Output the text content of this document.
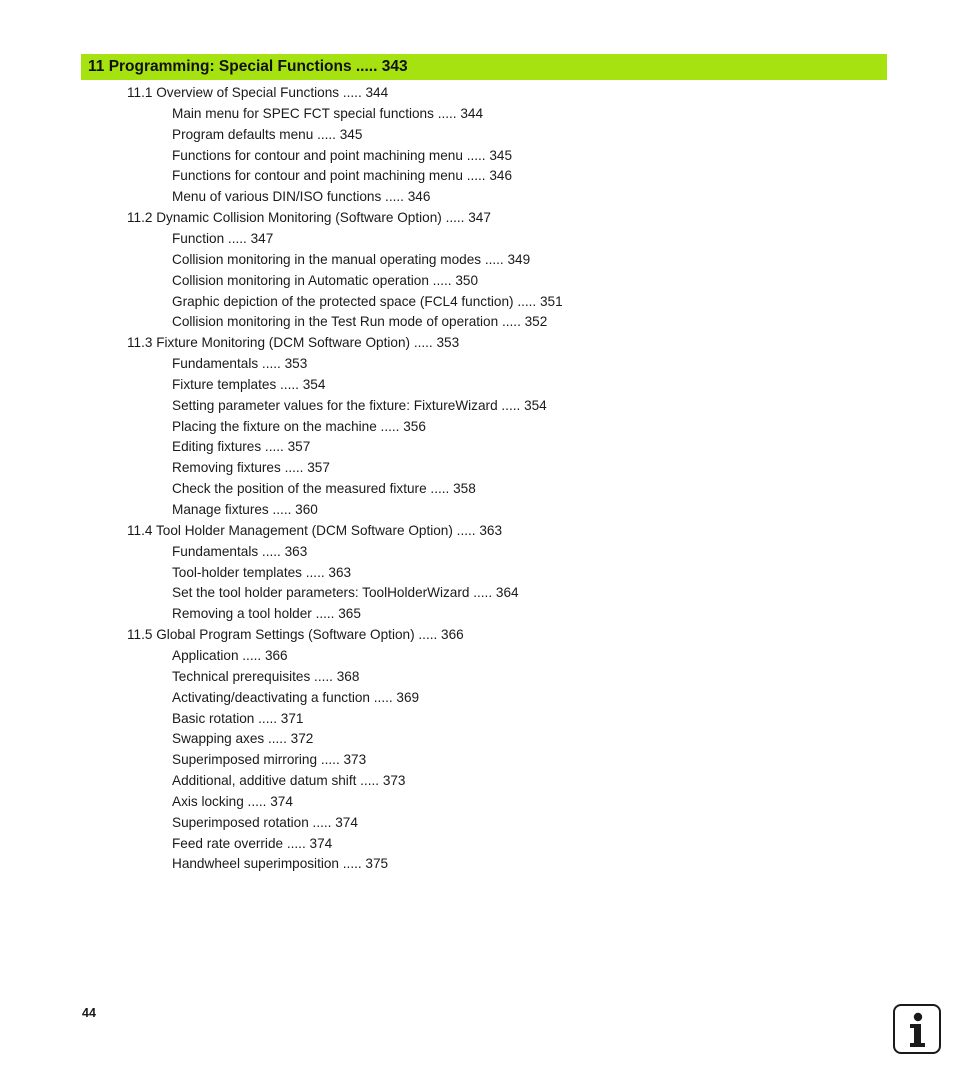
11 Programming: Special Functions ..... 343
11.1 Overview of Special Functions ..... 344
Main menu for SPEC FCT special functions ..... 344
Program defaults menu ..... 345
Functions for contour and point machining menu ..... 345
Functions for contour and point machining menu ..... 346
Menu of various DIN/ISO functions ..... 346
11.2 Dynamic Collision Monitoring (Software Option) ..... 347
Function ..... 347
Collision monitoring in the manual operating modes ..... 349
Collision monitoring in Automatic operation ..... 350
Graphic depiction of the protected space (FCL4 function) ..... 351
Collision monitoring in the Test Run mode of operation ..... 352
11.3 Fixture Monitoring (DCM Software Option) ..... 353
Fundamentals ..... 353
Fixture templates ..... 354
Setting parameter values for the fixture: FixtureWizard ..... 354
Placing the fixture on the machine ..... 356
Editing fixtures ..... 357
Removing fixtures ..... 357
Check the position of the measured fixture ..... 358
Manage fixtures ..... 360
11.4 Tool Holder Management (DCM Software Option) ..... 363
Fundamentals ..... 363
Tool-holder templates ..... 363
Set the tool holder parameters: ToolHolderWizard ..... 364
Removing a tool holder ..... 365
11.5 Global Program Settings (Software Option) ..... 366
Application ..... 366
Technical prerequisites ..... 368
Activating/deactivating a function ..... 369
Basic rotation ..... 371
Swapping axes ..... 372
Superimposed mirroring ..... 373
Additional, additive datum shift ..... 373
Axis locking ..... 374
Superimposed rotation ..... 374
Feed rate override ..... 374
Handwheel superimposition ..... 375
44
